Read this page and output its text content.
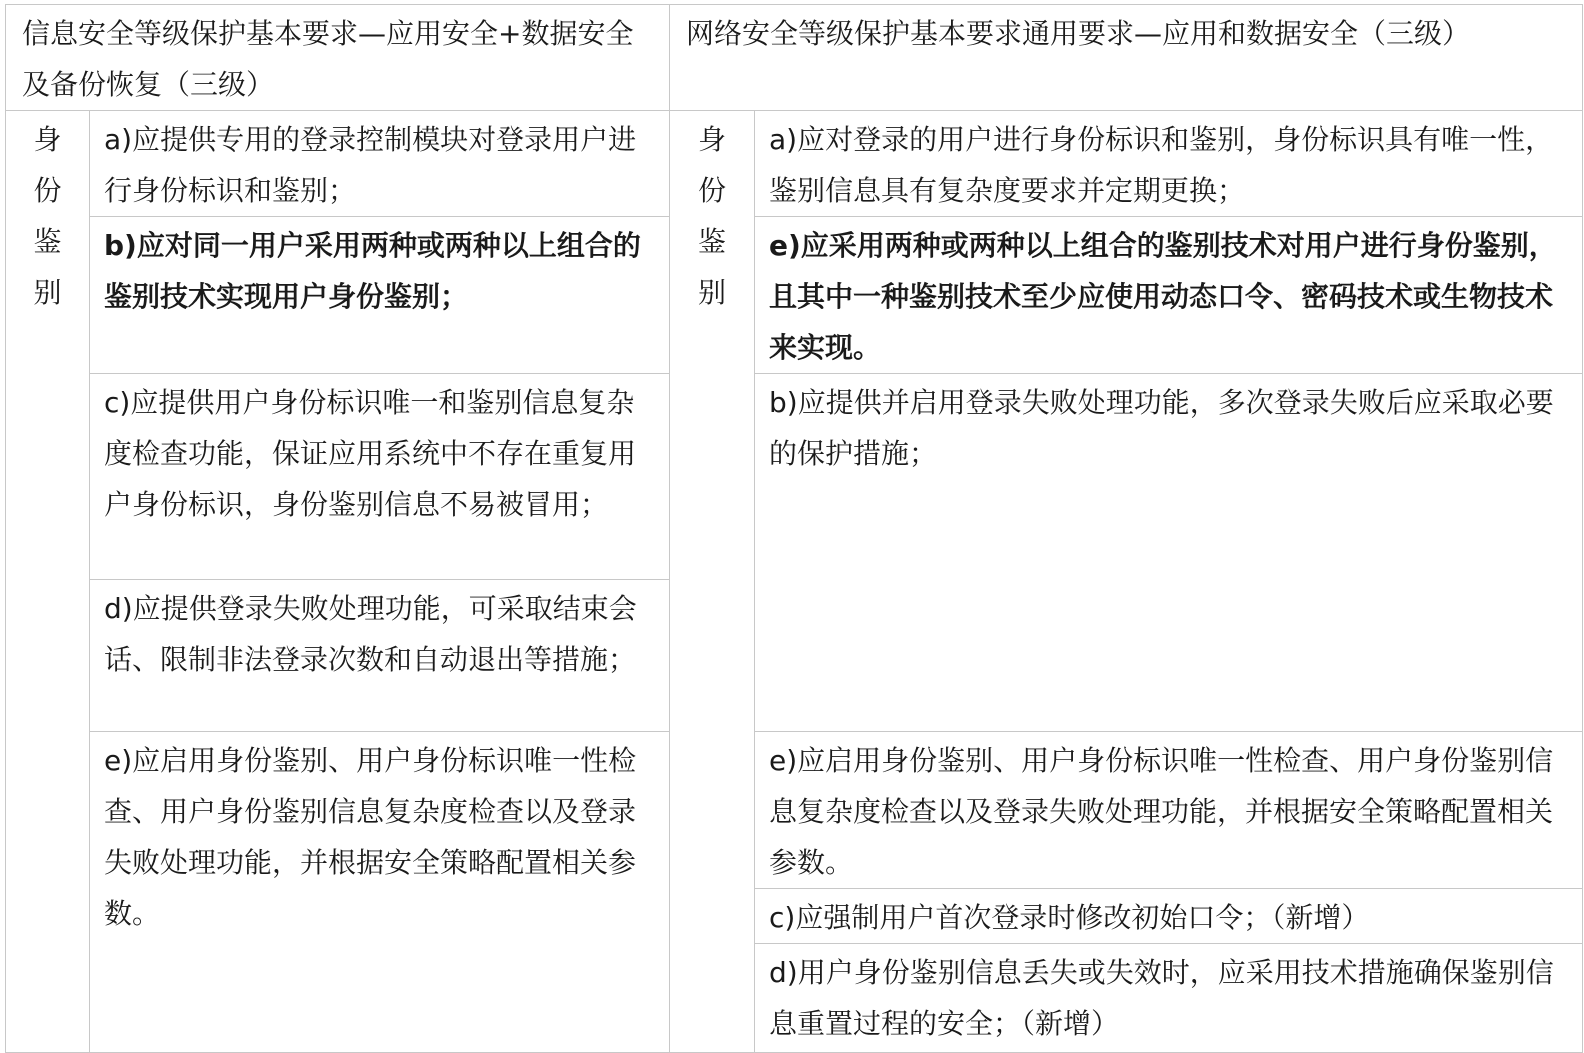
信息安全等级保护基本要求—应用安全+数据安全及备份恢复（三级）		网络安全等级保护基本要求通用要求—应用和数据安全（三级）	

身份鉴别	a)应提供专用的登录控制模块对登录用户进行身份标识和鉴别；	身份鉴别	a)应对登录的用户进行身份标识和鉴别，身份标识具有唯一性，鉴别信息具有复杂度要求并定期更换；
	b)应对同一用户采用两种或两种以上组合的鉴别技术实现用户身份鉴别；		e)应采用两种或两种以上组合的鉴别技术对用户进行身份鉴别，且其中一种鉴别技术至少应使用动态口令、密码技术或生物技术来实现。
	c)应提供用户身份标识唯一和鉴别信息复杂度检查功能，保证应用系统中不存在重复用户身份标识，身份鉴别信息不易被冒用；		b)应提供并启用登录失败处理功能，多次登录失败后应采取必要的保护措施；
	d)应提供登录失败处理功能，可采取结束会话、限制非法登录次数和自动退出等措施；		
	e)应启用身份鉴别、用户身份标识唯一性检查、用户身份鉴别信息复杂度检查以及登录失败处理功能，并根据安全策略配置相关参数。		e)应启用身份鉴别、用户身份标识唯一性检查、用户身份鉴别信息复杂度检查以及登录失败处理功能，并根据安全策略配置相关参数。
			c)应强制用户首次登录时修改初始口令；（新增）
			d)用户身份鉴别信息丢失或失效时，应采用技术措施确保鉴别信息重置过程的安全；（新增）
